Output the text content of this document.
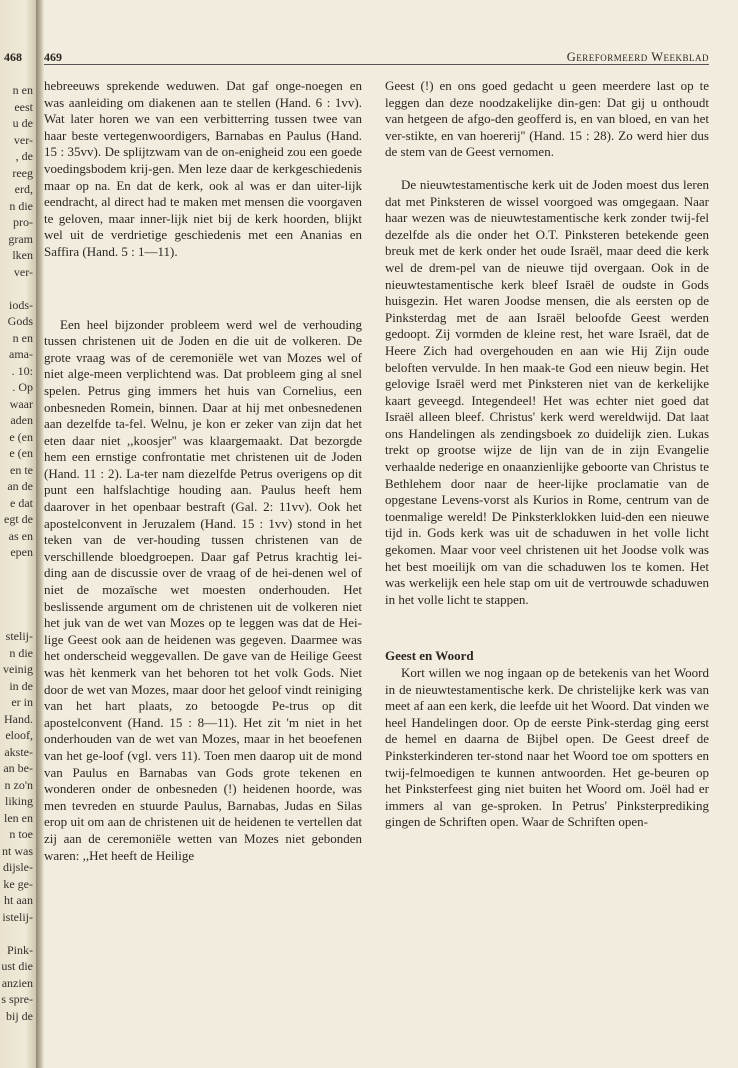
468
n en
eest
u de
ver-
, de
reeg
erd,
n die
pro-
gram
lken
ver-

iods-
Gods
n en
ama-
. 10:
. Op
waar
aden
e (en
e (en
en te
an de
e dat
egt de
as en
epen
stelij-
n die
veinig
in de
er in
Hand.
eloof,
akste-
an be-
n zo'n
liking
len en
n toe
nt was
dijsle-
ke ge-
ht aan
istelij-

Pink-
ust die
anzien
s spre-
bij de
469	Gereformeerd Weekblad

hebreeuws sprekende weduwen. Dat gaf onge-noegen en was aanleiding om diakenen aan te stellen (Hand. 6 : 1vv). Wat later horen we van een verbitterring tussen twee van haar beste vertegenwoordigers, Barnabas en Paulus (Hand. 15 : 35vv). De splijtzwam van de on-enigheid zou een goede voedingsbodem krij-gen. Men leze daar de kerkgeschiedenis maar op na. En dat de kerk, ook al was er dan uiter-lijk eendracht, al direct had te maken met mensen die voorgaven te geloven, maar inner-lijk niet bij de kerk hoorden, blijkt wel uit de verdrietige geschiedenis met een Ananias en Saffira (Hand. 5 : 1—11).

Een heel bijzonder probleem werd wel de verhouding tussen christenen uit de Joden en die uit de volkeren. De grote vraag was of de ceremoniële wet van Mozes wel of niet alge-meen verplichtend was. Dat probleem ging al snel spelen. Petrus ging immers het huis van Cornelius, een onbesneden Romein, binnen. Daar at hij met onbesnedenen aan dezelfde ta-fel. Welnu, je kon er zeker van zijn dat het eten daar niet ,,koosjer'' was klaargemaakt. Dat bezorgde hem een ernstige confrontatie met christenen uit de Joden (Hand. 11 : 2). La-ter nam diezelfde Petrus overigens op dit punt een halfslachtige houding aan. Paulus heeft hem daarover in het openbaar bestraft (Gal. 2: 11vv). Ook het apostelconvent in Jeruzalem (Hand. 15 : 1vv) stond in het teken van de ver-houding tussen christenen van de verschillende bloedgroepen. Daar gaf Petrus krachtig lei-ding aan de discussie over de vraag of de hei-denen wel of niet de mozaïsche wet moesten onderhouden. Het beslissende argument om de christenen uit de volkeren niet het juk van de wet van Mozes op te leggen was dat de Hei-lige Geest ook aan de heidenen was gegeven. Daarmee was het onderscheid weggevallen. De gave van de Heilige Geest was hèt kenmerk van het behoren tot het volk Gods. Niet door de wet van Mozes, maar door het geloof vindt reiniging van het hart plaats, zo betoogde Pe-trus op dit apostelconvent (Hand. 15 : 8—11). Het zit 'm niet in het onderhouden van de wet van Mozes, maar in het beoefenen van het ge-loof (vgl. vers 11). Toen men daarop uit de mond van Paulus en Barnabas van Gods grote tekenen en wonderen onder de onbesneden (!) heidenen hoorde, was men tevreden en stuurde Paulus, Barnabas, Judas en Silas erop uit om aan de christenen uit de heidenen te vertellen dat zij aan de ceremoniële wetten van Mozes niet gebonden waren: ,,Het heeft de Heilige

Geest (!) en ons goed gedacht u geen meerdere last op te leggen dan deze noodzakelijke din-gen: Dat gij u onthoudt van hetgeen de afgo-den geofferd is, en van bloed, en van het ver-stikte, en van hoererij'' (Hand. 15 : 28). Zo werd hier dus de stem van de Geest vernomen.

De nieuwtestamentische kerk uit de Joden moest dus leren dat met Pinksteren de wissel voorgoed was omgegaan. Naar haar wezen was de nieuwtestamentische kerk zonder twij-fel dezelfde als die onder het O.T. Pinksteren betekende geen breuk met de kerk onder het oude Israël, maar deed die kerk wel de drem-pel van de nieuwe tijd overgaan. Ook in de nieuwtestamentische kerk bleef Israël de oudste in Gods huisgezin. Het waren Joodse mensen, die als eersten op de Pinksterdag met de aan Israël beloofde Geest werden gedoopt. Zij vormden de kleine rest, het ware Israël, dat de Heere Zich had overgehouden en aan wie Hij Zijn oude beloften vervulde. In hen maak-te God een nieuw begin. Het gelovige Israël werd met Pinksteren niet van de kerkelijke kaart geveegd. Integendeel! Het was echter niet goed dat Israël alleen bleef. Christus' kerk werd wereldwijd. Dat laat ons Handelingen als zendingsboek zo duidelijk zien. Lukas trekt op grootse wijze de lijn van de in zijn Evangelie verhaalde nederige en onaanzienlijke geboorte van Christus te Bethlehem door naar de heer-lijke proclamatie van de opgestane Levens-vorst als Kurios in Rome, centrum van de toenmalige wereld! De Pinksterklokken luid-den een nieuwe tijd in. Gods kerk was uit de schaduwen in het volle licht gekomen. Maar voor veel christenen uit het Joodse volk was het best moeilijk om van die schaduwen los te komen. Het was werkelijk een hele stap om uit de vertrouwde schaduwen in het volle licht te stappen.

Geest en Woord

Kort willen we nog ingaan op de betekenis van het Woord in de nieuwtestamentische kerk. De christelijke kerk was van meet af aan een kerk, die leefde uit het Woord. Dat vinden we heel Handelingen door. Op de eerste Pink-sterdag ging eerst de hemel en daarna de Bijbel open. De Geest dreef de Pinksterkinderen ter-stond naar het Woord toe om spotters en twij-felmoedigen te kunnen antwoorden. Het ge-beuren op het Pinksterfeest ging niet buiten het Woord om. Joël had er immers al van ge-sproken. In Petrus' Pinksterprediking gingen de Schriften open. Waar de Schriften open-
